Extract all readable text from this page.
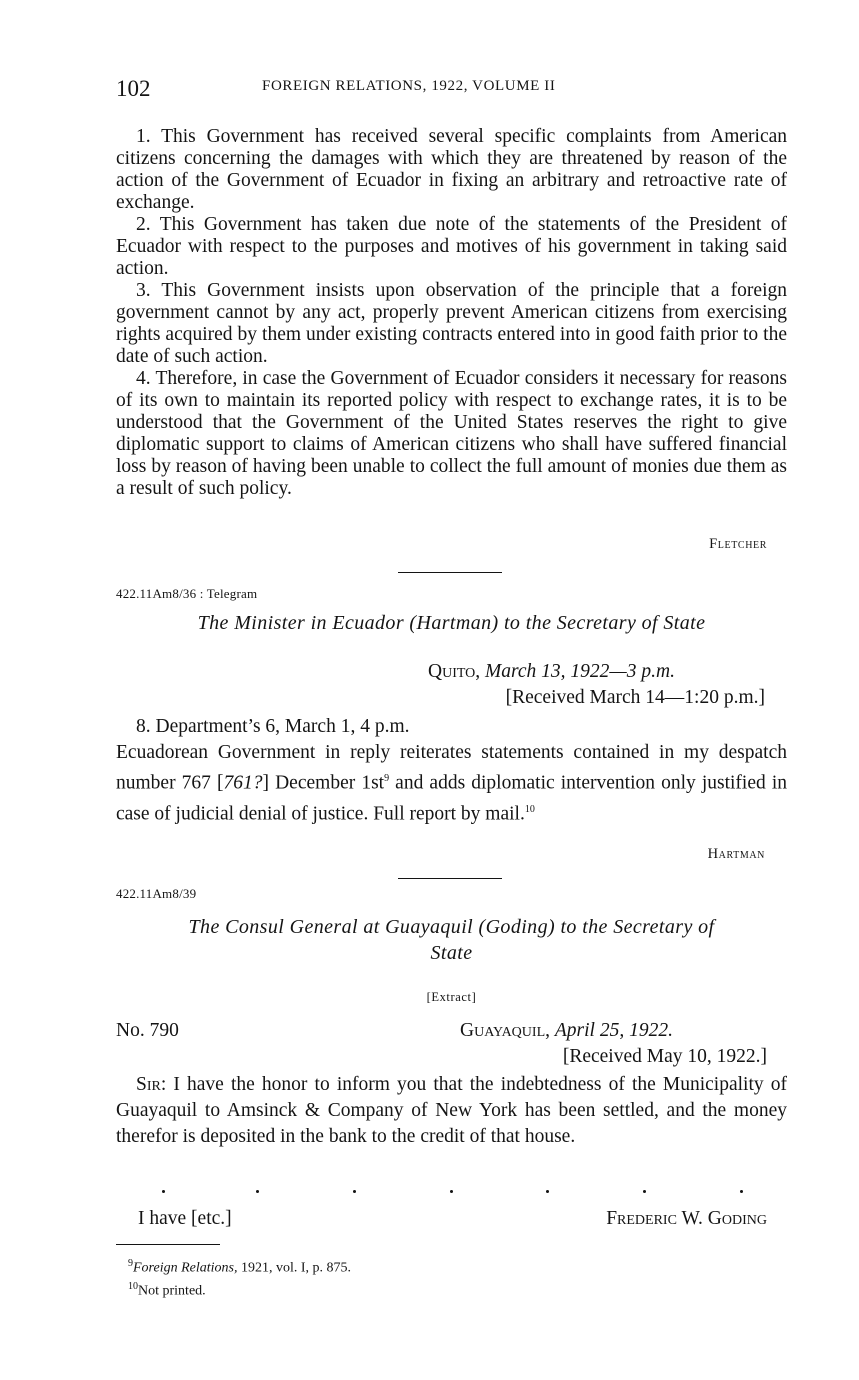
102	FOREIGN RELATIONS, 1922, VOLUME II

1. This Government has received several specific complaints from American citizens concerning the damages with which they are threatened by reason of the action of the Government of Ecuador in fixing an arbitrary and retroactive rate of exchange.

2. This Government has taken due note of the statements of the President of Ecuador with respect to the purposes and motives of his government in taking said action.

3. This Government insists upon observation of the principle that a foreign government cannot by any act, properly prevent American citizens from exercising rights acquired by them under existing contracts entered into in good faith prior to the date of such action.

4. Therefore, in case the Government of Ecuador considers it necessary for reasons of its own to maintain its reported policy with respect to exchange rates, it is to be understood that the Government of the United States reserves the right to give diplomatic support to claims of American citizens who shall have suffered financial loss by reason of having been unable to collect the full amount of monies due them as a result of such policy.

Fletcher
422.11Am8/36 : Telegram
The Minister in Ecuador (Hartman) to the Secretary of State
Quito, March 13, 1922—3 p.m.
[Received March 14—1:20 p.m.]

8. Department’s 6, March 1, 4 p.m.

Ecuadorean Government in reply reiterates statements contained in my despatch number 767 [761?] December $1st^9$ and adds diplomatic intervention only justified in case of judicial denial of justice. Full report by mail.$^{10}$

Hartman
422.11Am8/39
The Consul General at Guayaquil (Goding) to the Secretary of
State
[Extract]
No. 790	Guayaquil, April 25, 1922.
[Received May 10, 1922.]

Sir: I have the honor to inform you that the indebtedness of the Municipality of Guayaquil to Amsinck & Company of New York has been settled, and the money therefor is deposited in the bank to the credit of that house.

I have [etc.]	Frederic W. Goding
$^9$Foreign Relations, 1921, vol. I, p. 875.
$^{10}$Not printed.
